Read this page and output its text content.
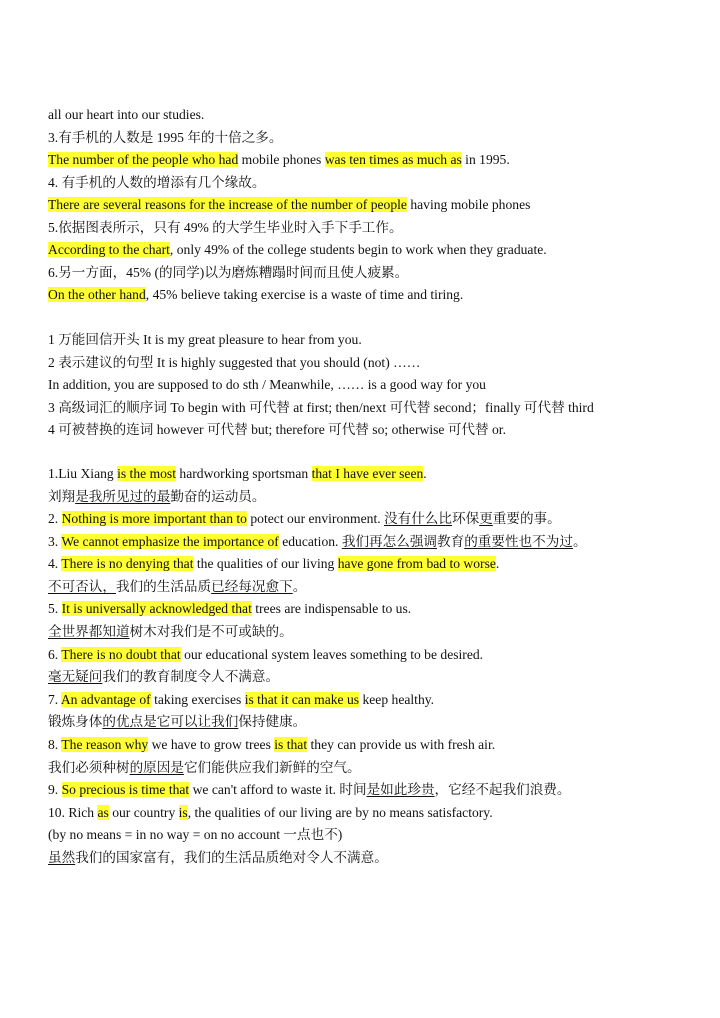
all our heart into our studies.
3.有手机的人数是 1995 年的十倍之多。
The number of the people who had mobile phones was ten times as much as in 1995.
4. 有手机的人数的增添有几个缘故。
There are several reasons for the increase of the number of people having mobile phones
5.依据图表所示，只有 49% 的大学生毕业时入手下手工作。
According to the chart, only 49% of the college students begin to work when they graduate.
6.另一方面，45% (的同学)以为磨炼糟蹋时间而且使人疲累。
On the other hand, 45% believe taking exercise is a waste of time and tiring.
1 万能回信开头 It is my great pleasure to hear from you.
2 表示建议的句型 It is highly suggested that you should (not) ……
In addition, you are supposed to do sth / Meanwhile, …… is a good way for you
3 高级词汇的顺序词 To begin with 可代替 at first; then/next 可代替 second；finally 可代替 third
4 可被替换的连词 however 可代替 but; therefore 可代替 so; otherwise 可代替 or.
1.Liu Xiang is the most hardworking sportsman that I have ever seen.
刘翔是我所见过的最勤奋的运动员。
2. Nothing is more important than to potect our environment. 没有什么比环保更重要的事。
3. We cannot emphasize the importance of education. 我们再怎么强调教育的重要性也不为过。
4. There is no denying that the qualities of our living have gone from bad to worse.
不可否认，我们的生活品质已经每况愈下。
5. It is universally acknowledged that trees are indispensable to us.
全世界都知道树木对我们是不可或缺的。
6. There is no doubt that our educational system leaves something to be desired.
毫无疑问我们的教育制度令人不满意。
7. An advantage of taking exercises is that it can make us keep healthy.
锻炼身体的优点是它可以让我们保持健康。
8. The reason why we have to grow trees is that they can provide us with fresh air.
我们必须种树的原因是它们能供应我们新鲜的空气。
9. So precious is time that we can't afford to waste it. 时间是如此珍贵，它经不起我们浪费。
10. Rich as our country is, the qualities of our living are by no means satisfactory.
(by no means = in no way = on no account 一点也不)
虽然我们的国家富有，我们的生活品质绝对令人不满意。
